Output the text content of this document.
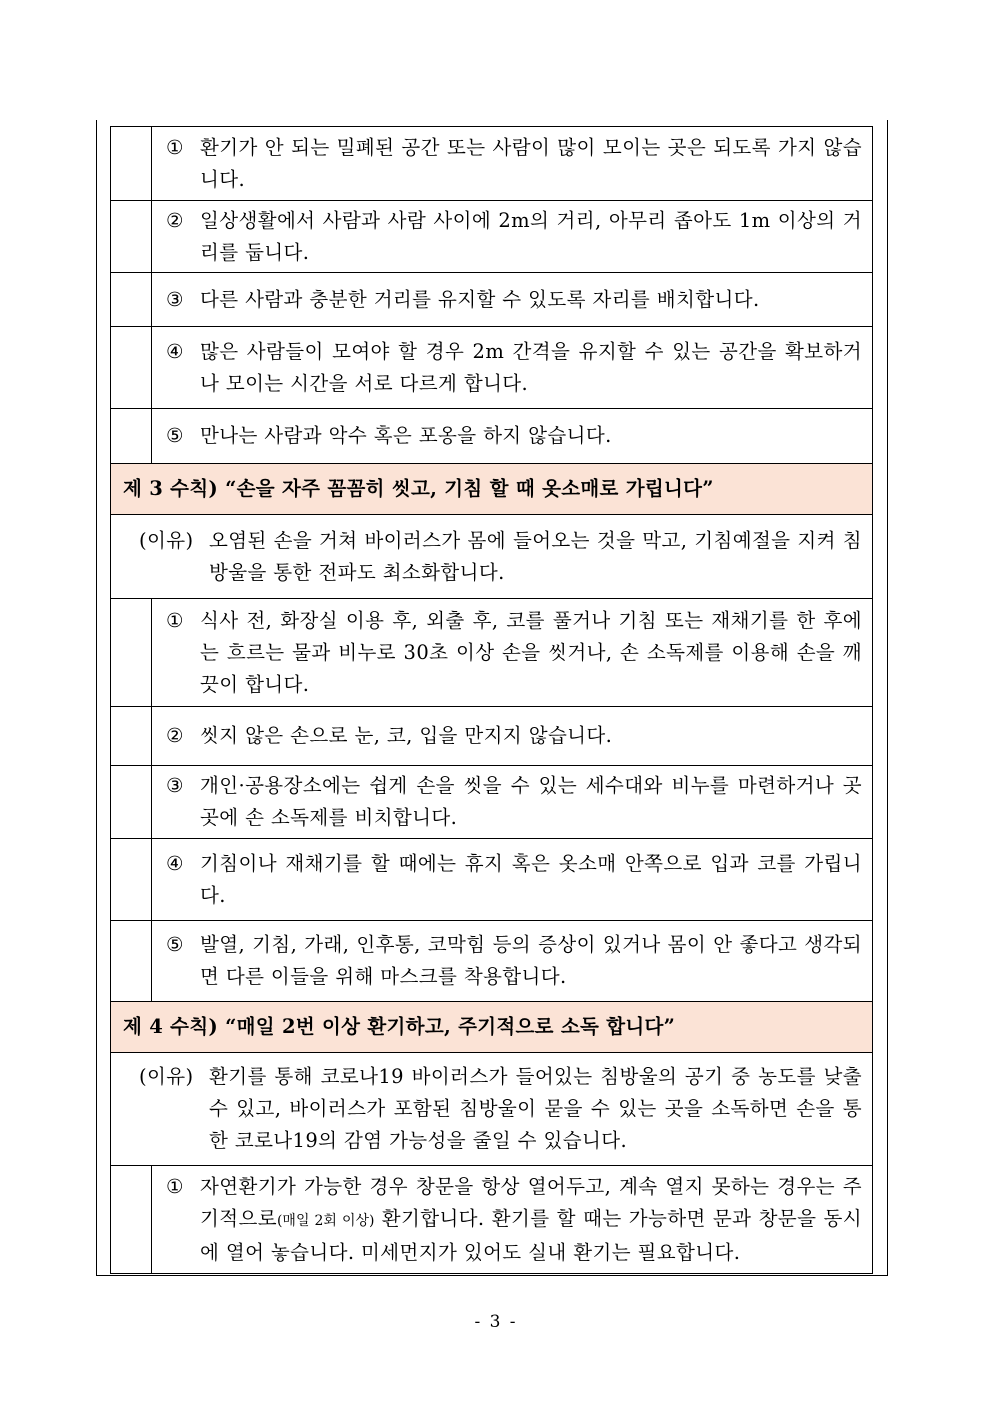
	① 환기가 안 되는 밀폐된 공간 또는 사람이 많이 모이는 곳은 되도록 가지 않습니다.

	② 일상생활에서 사람과 사람 사이에 2m의 거리, 아무리 좁아도 1m 이상의 거리를 둡니다.

	③ 다른 사람과 충분한 거리를 유지할 수 있도록 자리를 배치합니다.

	④ 많은 사람들이 모여야 할 경우 2m 간격을 유지할 수 있는 공간을 확보하거나 모이는 시간을 서로 다르게 합니다.

	⑤ 만나는 사람과 악수 혹은 포옹을 하지 않습니다.

제 3 수칙) “손을 자주 꼼꼼히 씻고, 기침 할 때 옷소매로 가립니다”	

(이유) 오염된 손을 거쳐 바이러스가 몸에 들어오는 것을 막고, 기침예절을 지켜 침방울을 통한 전파도 최소화합니다.	

	① 식사 전, 화장실 이용 후, 외출 후, 코를 풀거나 기침 또는 재채기를 한 후에는 흐르는 물과 비누로 30초 이상 손을 씻거나, 손 소독제를 이용해 손을 깨끗이 합니다.

	② 씻지 않은 손으로 눈, 코, 입을 만지지 않습니다.

	③ 개인·공용장소에는 쉽게 손을 씻을 수 있는 세수대와 비누를 마련하거나 곳곳에 손 소독제를 비치합니다.

	④ 기침이나 재채기를 할 때에는 휴지 혹은 옷소매 안쪽으로 입과 코를 가립니다.

	⑤ 발열, 기침, 가래, 인후통, 코막힘 등의 증상이 있거나 몸이 안 좋다고 생각되면 다른 이들을 위해 마스크를 착용합니다.

제 4 수칙) “매일 2번 이상 환기하고, 주기적으로 소독 합니다”	

(이유) 환기를 통해 코로나19 바이러스가 들어있는 침방울의 공기 중 농도를 낮출 수 있고, 바이러스가 포함된 침방울이 묻을 수 있는 곳을 소독하면 손을 통한 코로나19의 감염 가능성을 줄일 수 있습니다.	

	① 자연환기가 가능한 경우 창문을 항상 열어두고, 계속 열지 못하는 경우는 주기적으로(매일 2회 이상) 환기합니다. 환기를 할 때는 가능하면 문과 창문을 동시에 열어 놓습니다. 미세먼지가 있어도 실내 환기는 필요합니다.
- 3 -
